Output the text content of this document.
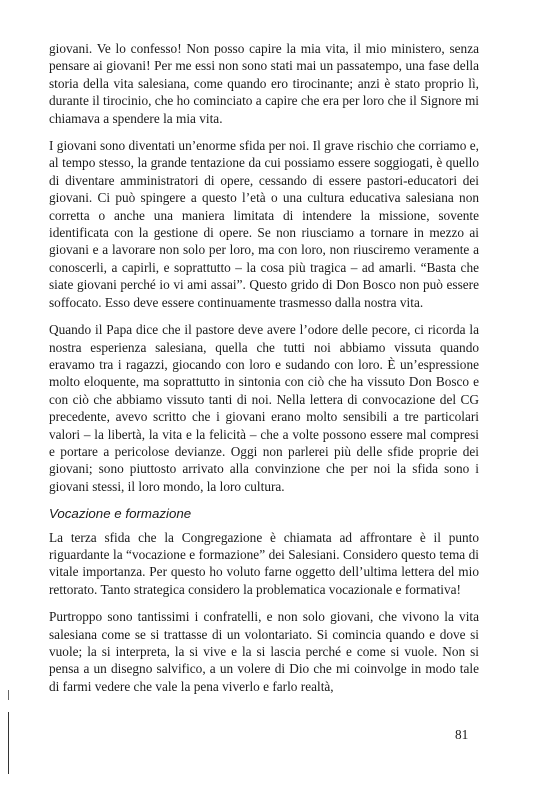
giovani. Ve lo confesso! Non posso capire la mia vita, il mio ministero, senza pensare ai giovani! Per me essi non sono stati mai un passatempo, una fase della storia della vita salesiana, come quando ero tirocinante; anzi è stato proprio lì, durante il tirocinio, che ho cominciato a capire che era per loro che il Signore mi chiamava a spendere la mia vita.

I giovani sono diventati un’enorme sfida per noi. Il grave rischio che corriamo e, al tempo stesso, la grande tentazione da cui possiamo essere soggiogati, è quello di diventare amministratori di opere, cessando di essere pastori-educatori dei giovani. Ci può spingere a questo l’età o una cultura educativa salesiana non corretta o anche una maniera limitata di intendere la missione, sovente identificata con la gestione di opere. Se non riusciamo a tornare in mezzo ai giovani e a lavorare non solo per loro, ma con loro, non riusciremo veramente a conoscerli, a capirli, e soprattutto – la cosa più tragica – ad amarli. “Basta che siate giovani perché io vi ami assai”. Questo grido di Don Bosco non può essere soffocato. Esso deve essere continuamente trasmesso dalla nostra vita.

Quando il Papa dice che il pastore deve avere l’odore delle pecore, ci ricorda la nostra esperienza salesiana, quella che tutti noi abbiamo vissuta quando eravamo tra i ragazzi, giocando con loro e sudando con loro. È un’espressione molto eloquente, ma soprattutto in sintonia con ciò che ha vissuto Don Bosco e con ciò che abbiamo vissuto tanti di noi. Nella lettera di convocazione del CG precedente, avevo scritto che i giovani erano molto sensibili a tre particolari valori – la libertà, la vita e la felicità – che a volte possono essere mal compresi e portare a pericolose devianze. Oggi non parlerei più delle sfide proprie dei giovani; sono piuttosto arrivato alla convinzione che per noi la sfida sono i giovani stessi, il loro mondo, la loro cultura.

Vocazione e formazione

La terza sfida che la Congregazione è chiamata ad affrontare è il punto riguardante la “vocazione e formazione” dei Salesiani. Considero questo tema di vitale importanza. Per questo ho voluto farne oggetto dell’ultima lettera del mio rettorato. Tanto strategica considero la problematica vocazionale e formativa!

Purtroppo sono tantissimi i confratelli, e non solo giovani, che vivono la vita salesiana come se si trattasse di un volontariato. Si comincia quando e dove si vuole; la si interpreta, la si vive e la si lascia perché e come si vuole. Non si pensa a un disegno salvifico, a un volere di Dio che mi coinvolge in modo tale di farmi vedere che vale la pena viverlo e farlo realtà,

81
